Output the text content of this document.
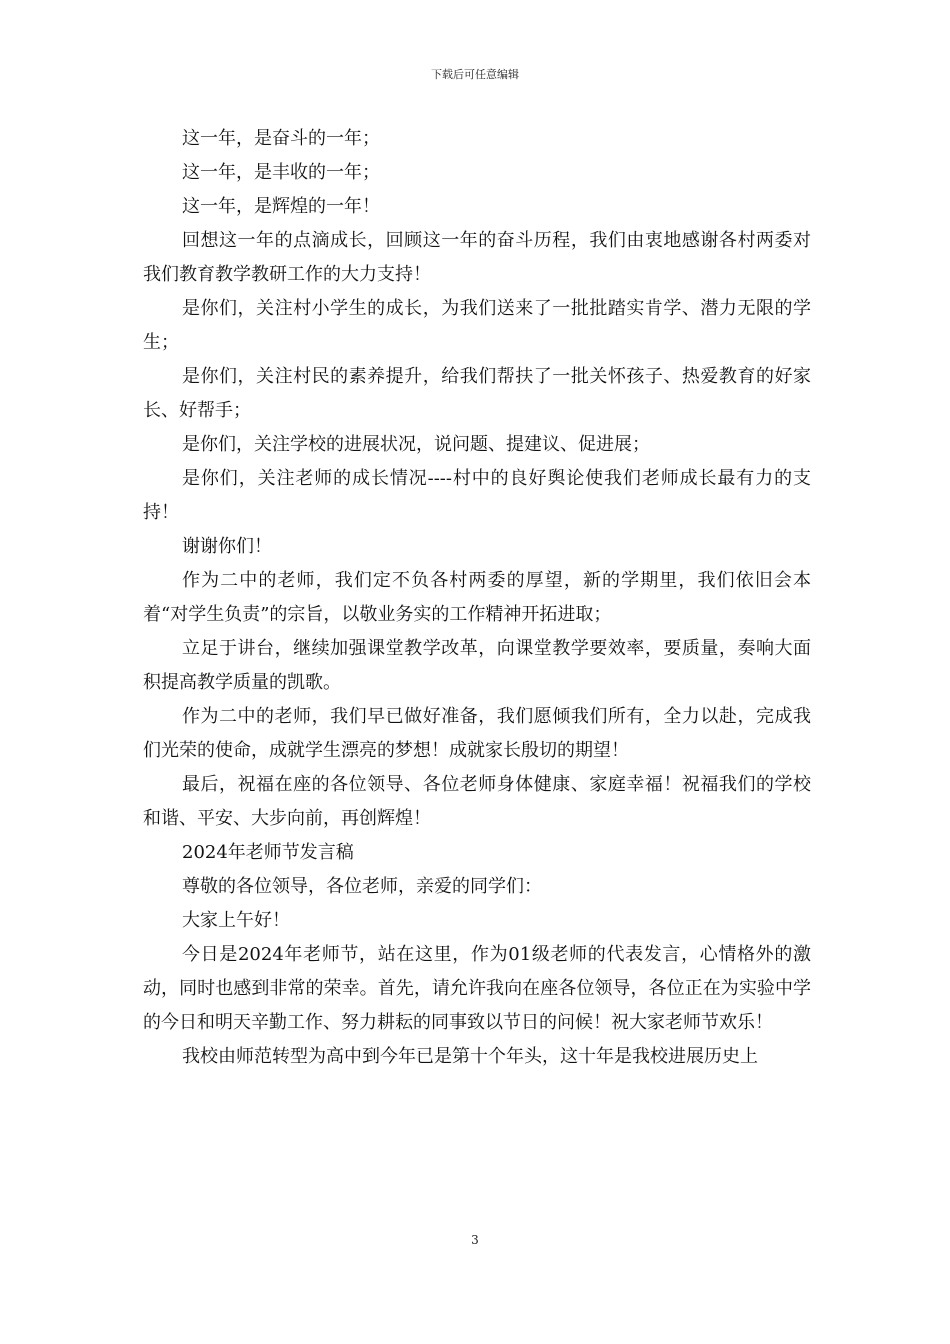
下载后可任意编辑

这一年，是奋斗的一年；

这一年，是丰收的一年；

这一年，是辉煌的一年！

回想这一年的点滴成长，回顾这一年的奋斗历程，我们由衷地感谢各村两委对我们教育教学教研工作的大力支持！

是你们，关注村小学生的成长，为我们送来了一批批踏实肯学、潜力无限的学生；

是你们，关注村民的素养提升，给我们帮扶了一批关怀孩子、热爱教育的好家长、好帮手；

是你们，关注学校的进展状况，说问题、提建议、促进展；

是你们，关注老师的成长情况----村中的良好舆论使我们老师成长最有力的支持！

谢谢你们！

作为二中的老师，我们定不负各村两委的厚望，新的学期里，我们依旧会本着“对学生负责”的宗旨，以敬业务实的工作精神开拓进取；

立足于讲台，继续加强课堂教学改革，向课堂教学要效率，要质量，奏响大面积提高教学质量的凯歌。

作为二中的老师，我们早已做好准备，我们愿倾我们所有，全力以赴，完成我们光荣的使命，成就学生漂亮的梦想！成就家长殷切的期望！

最后，祝福在座的各位领导、各位老师身体健康、家庭幸福！祝福我们的学校和谐、平安、大步向前，再创辉煌！

2024年老师节发言稿

尊敬的各位领导，各位老师，亲爱的同学们：

大家上午好！

今日是2024年老师节，站在这里，作为01级老师的代表发言，心情格外的激动，同时也感到非常的荣幸。首先，请允许我向在座各位领导，各位正在为实验中学的今日和明天辛勤工作、努力耕耘的同事致以节日的问候！祝大家老师节欢乐！

我校由师范转型为高中到今年已是第十个年头，这十年是我校进展历史上

3
